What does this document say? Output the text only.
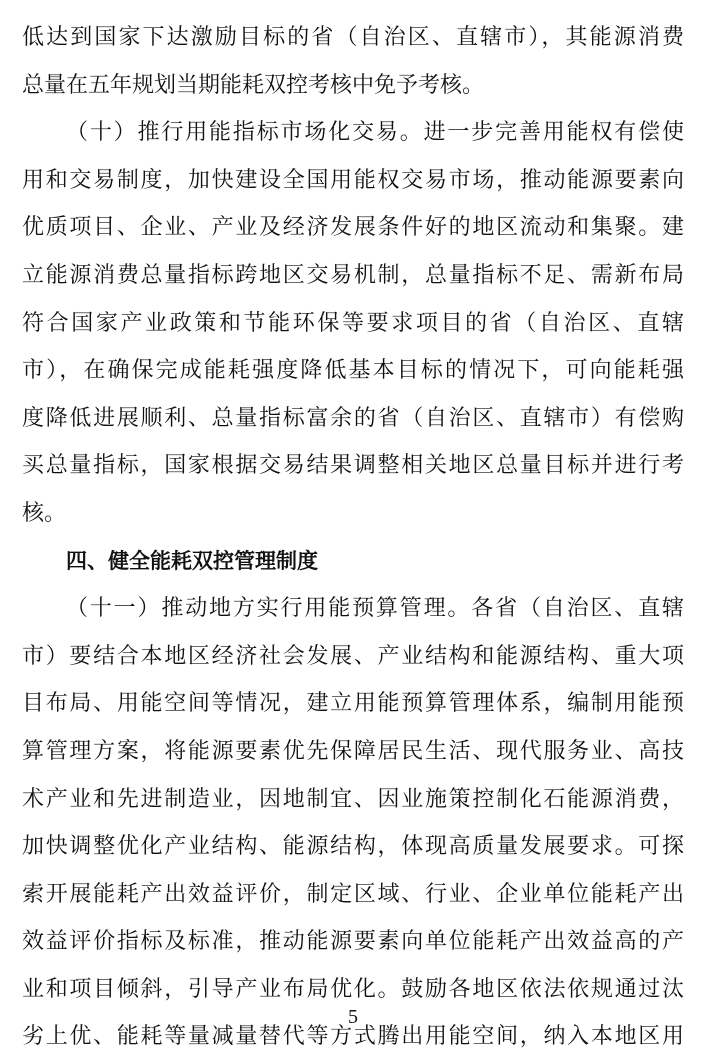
低达到国家下达激励目标的省（自治区、直辖市），其能源消费
总量在五年规划当期能耗双控考核中免予考核。
（十）推行用能指标市场化交易。进一步完善用能权有偿使
用和交易制度，加快建设全国用能权交易市场，推动能源要素向
优质项目、企业、产业及经济发展条件好的地区流动和集聚。建
立能源消费总量指标跨地区交易机制，总量指标不足、需新布局
符合国家产业政策和节能环保等要求项目的省（自治区、直辖
市），在确保完成能耗强度降低基本目标的情况下，可向能耗强
度降低进展顺利、总量指标富余的省（自治区、直辖市）有偿购
买总量指标，国家根据交易结果调整相关地区总量目标并进行考
核。
四、健全能耗双控管理制度
（十一）推动地方实行用能预算管理。各省（自治区、直辖
市）要结合本地区经济社会发展、产业结构和能源结构、重大项
目布局、用能空间等情况，建立用能预算管理体系，编制用能预
算管理方案，将能源要素优先保障居民生活、现代服务业、高技
术产业和先进制造业，因地制宜、因业施策控制化石能源消费，
加快调整优化产业结构、能源结构，体现高质量发展要求。可探
索开展能耗产出效益评价，制定区域、行业、企业单位能耗产出
效益评价指标及标准，推动能源要素向单位能耗产出效益高的产
业和项目倾斜，引导产业布局优化。鼓励各地区依法依规通过汰
劣上优、能耗等量减量替代等方式腾出用能空间，纳入本地区用
5
